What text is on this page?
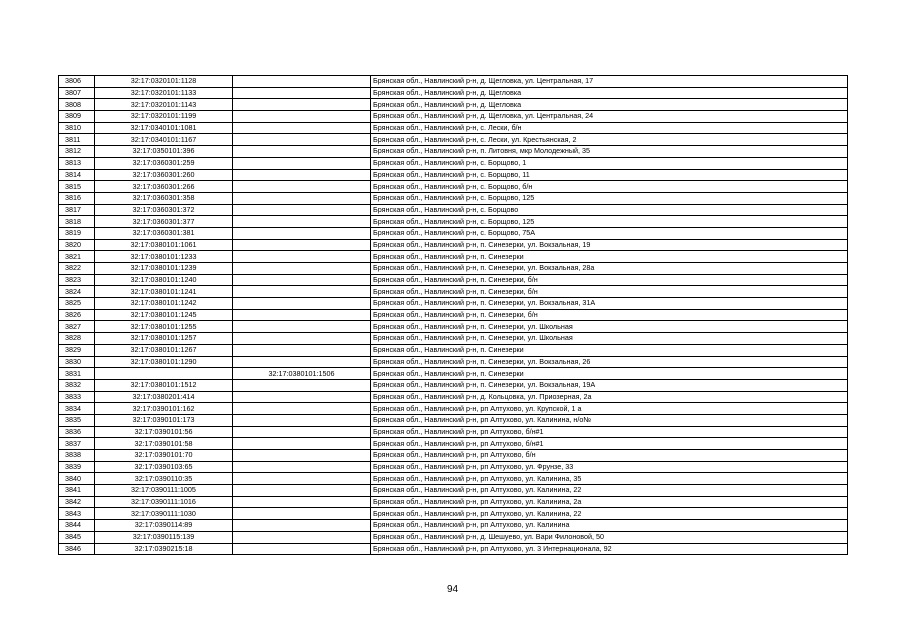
3806	32:17:0320101:1128		Брянская обл., Навлинский р-н, д. Щегловка, ул. Центральная, 17
3807	32:17:0320101:1133		Брянская обл., Навлинский р-н, д. Щегловка
3808	32:17:0320101:1143		Брянская обл., Навлинский р-н, д. Щегловка
3809	32:17:0320101:1199		Брянская обл., Навлинский р-н, д. Щегловка, ул. Центральная, 24
3810	32:17:0340101:1081		Брянская обл., Навлинский р-н, с. Лески, б/н
3811	32:17:0340101:1167		Брянская обл., Навлинский р-н, с. Лески, ул. Крестьянская, 2
3812	32:17:0350101:396		Брянская обл., Навлинский р-н, п. Литовня, мкр Молодежный, 35
3813	32:17:0360301:259		Брянская обл., Навлинский р-н, с. Борщово, 1
3814	32:17:0360301:260		Брянская обл., Навлинский р-н, с. Борщово, 11
3815	32:17:0360301:266		Брянская обл., Навлинский р-н, с. Борщово, б/н
3816	32:17:0360301:358		Брянская обл., Навлинский р-н, с. Борщово, 125
3817	32:17:0360301:372		Брянская обл., Навлинский р-н, с. Борщово
3818	32:17:0360301:377		Брянская обл., Навлинский р-н, с. Борщово, 125
3819	32:17:0360301:381		Брянская обл., Навлинский р-н, с. Борщово, 75А
3820	32:17:0380101:1061		Брянская обл., Навлинский р-н, п. Синезерки, ул. Вокзальная, 19
3821	32:17:0380101:1233		Брянская обл., Навлинский р-н, п. Синезерки
3822	32:17:0380101:1239		Брянская обл., Навлинский р-н, п. Синезерки, ул. Вокзальная, 28а
3823	32:17:0380101:1240		Брянская обл., Навлинский р-н, п. Синезерки, б/н
3824	32:17:0380101:1241		Брянская обл., Навлинский р-н, п. Синезерки, б/н
3825	32:17:0380101:1242		Брянская обл., Навлинский р-н, п. Синезерки, ул. Вокзальная, 31А
3826	32:17:0380101:1245		Брянская обл., Навлинский р-н, п. Синезерки, б/н
3827	32:17:0380101:1255		Брянская обл., Навлинский р-н, п. Синезерки, ул. Школьная
3828	32:17:0380101:1257		Брянская обл., Навлинский р-н, п. Синезерки, ул. Школьная
3829	32:17:0380101:1267		Брянская обл., Навлинский р-н, п. Синезерки
3830	32:17:0380101:1290		Брянская обл., Навлинский р-н, п. Синезерки, ул. Вокзальная, 26
3831		32:17:0380101:1506	Брянская обл., Навлинский р-н, п. Синезерки
3832	32:17:0380101:1512		Брянская обл., Навлинский р-н, п. Синезерки, ул. Вокзальная, 19А
3833	32:17:0380201:414		Брянская обл., Навлинский р-н, д. Кольцовка, ул. Приозерная, 2а
3834	32:17:0390101:162		Брянская обл., Навлинский р-н, рп Алтухово, ул. Крупской, 1 а
3835	32:17:0390101:173		Брянская обл., Навлинский р-н, рп Алтухово, ул. Калинина, н/о№
3836	32:17:0390101:56		Брянская обл., Навлинский р-н, рп Алтухово, б/н#1
3837	32:17:0390101:58		Брянская обл., Навлинский р-н, рп Алтухово, б/н#1
3838	32:17:0390101:70		Брянская обл., Навлинский р-н, рп Алтухово, б/н
3839	32:17:0390103:65		Брянская обл., Навлинский р-н, рп Алтухово, ул. Фрунзе, 33
3840	32:17:0390110:35		Брянская обл., Навлинский р-н, рп Алтухово, ул. Калинина, 35
3841	32:17:0390111:1005		Брянская обл., Навлинский р-н, рп Алтухово, ул. Калинина, 22
3842	32:17:0390111:1016		Брянская обл., Навлинский р-н, рп Алтухово, ул. Калинина, 2а
3843	32:17:0390111:1030		Брянская обл., Навлинский р-н, рп Алтухово, ул. Калинина, 22
3844	32:17:0390114:89		Брянская обл., Навлинский р-н, рп Алтухово, ул. Калинина
3845	32:17:0390115:139		Брянская обл., Навлинский р-н, д. Шешуево, ул. Вари Филоновой, 50
3846	32:17:0390215:18		Брянская обл., Навлинский р-н, рп Алтухово, ул. 3 Интернационала, 92
94
